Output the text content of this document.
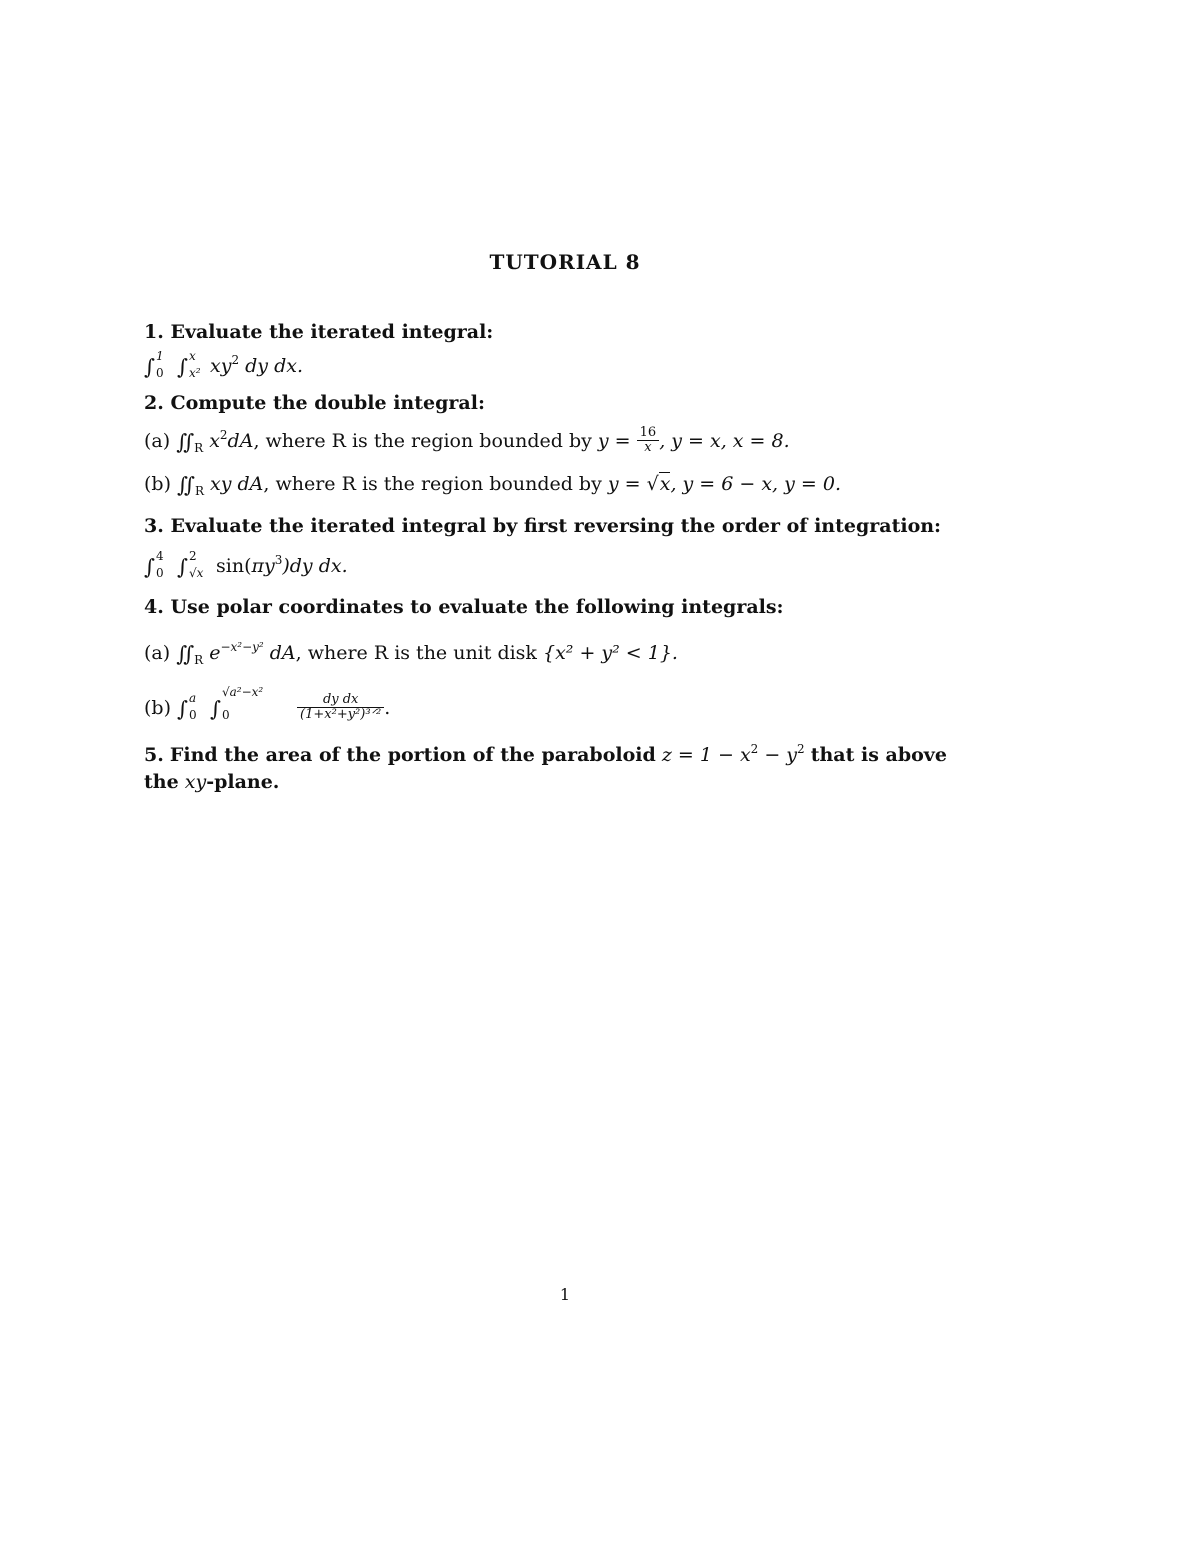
TUTORIAL 8
1. Evaluate the iterated integral:
∫ 1
0 ∫ x
x² $xy^2$ dy dx.
2. Compute the double integral:
(a) $∬_R$ $x^2dA$, where R is the region bounded by $y = \frac{16}{x}$ , y = x, x = 8.
(b) $∬_R$ xy dA, where R is the region bounded by y = √x, y = 6 − x, y = 0.
3. Evaluate the iterated integral by first reversing the order of integration:
∫ 4
0 ∫ 2
√x $\sin(\pi y^3)dy$ dx.
4. Use polar coordinates to evaluate the following integrals:
(a) $∬_R$ $e^{-x^2-y^2}$ dA, where R is the unit disk {x² + y² < 1}.
(b) ∫ a
0 ∫
√a²−x²
0
	$\frac{\text{dy dx}}{\text{(1+x²+y²)³ᐟ²}}$ .
5. Find the area of the portion of the paraboloid $z = 1 - x^2 - y^2$ that is above
the xy-plane.
1
